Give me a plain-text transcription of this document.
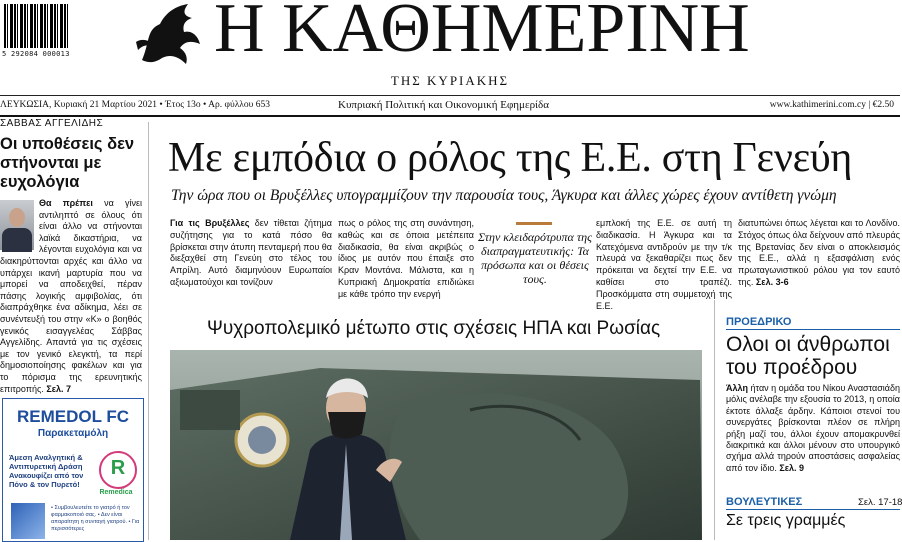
5 292084 000013 Η ΚΑΘΗΜΕΡΙΝΗ
ΤΗΣ ΚΥΡΙΑΚΗΣ
ΛΕΥΚΩΣΙΑ, Κυριακή 21 Μαρτίου 2021 • Έτος 13ο • Αρ. φύλλου 653	Κυπριακή Πολιτική και Οικονομική Εφημερίδα	www.kathimerini.com.cy | €2.50
ΣΑΒΒΑΣ ΑΓΓΕΛΙΔΗΣ
Οι υποθέσεις δεν στήνονται με ευχολόγια
Θα πρέπει να γίνει αντιληπτό σε όλους ότι είναι άλλο να στήνονται λαϊκά δικαστήρια, να λέγονται ευχολόγια και να διακηρύττονται αρχές και άλλο να υπάρχει ικανή μαρτυρία που να μπορεί να αποδειχθεί, πέραν πάσης λογικής αμφιβολίας, ότι διαπράχθηκε ένα αδίκημα, λέει σε συνέντευξή του στην «Κ» ο βοηθός γενικός εισαγγελέας Σάββας Αγγελίδης. Απαντά για τις σχέσεις με τον γενικό ελεγκτή, τα περί δημοσιοποίησης φακέλων και για το πόρισμα της ερευνητικής επιτροπής. Σελ. 7
REMEDOL FC
Παρακεταμόλη
Άμεση Αναλγητική & Αντιπυρετική Δράση Ανακουφίζει από τον Πόνο & τον Πυρετό!
R
Remedica
• Συμβουλευτείτε το γιατρό ή τον φαρμακοποιό σας. • Δεν είναι απαραίτητη η συνταγή γιατρού. • Για περισσότερες
Με εμπόδια ο ρόλος της Ε.Ε. στη Γενεύη
Την ώρα που οι Βρυξέλλες υπογραμμίζουν την παρουσία τους, Άγκυρα και άλλες χώρες έχουν αντίθετη γνώμη
Για τις Βρυξέλλες δεν τίθεται ζήτημα συζήτησης για το κατά πόσο θα βρίσκεται στην άτυπη πενταμερή που θα διεξαχθεί στη Γενεύη στο τέλος του Απρίλη. Αυτό διαμηνύουν Ευρωπαίοι αξιωματούχοι και τονίζουν
πως ο ρόλος της στη συνάντηση, καθώς και σε όποια μετέπειτα διαδικασία, θα είναι ακριβώς ο ίδιος με αυτόν που έπαιξε στο Κραν Μοντάνα. Μάλιστα, και η Κυπριακή Δημοκρατία επιδιώκει με κάθε τρόπο την ενεργή
Στην κλειδαρότρυπα της διαπραγματευτικής: Τα πρόσωπα και οι θέσεις τους.
εμπλοκή της Ε.Ε. σε αυτή τη διαδικασία. Η Άγκυρα και τα Κατεχόμενα αντιδρούν με την τ/κ πλευρά να ξεκαθαρίζει πως δεν πρόκειται να δεχτεί την Ε.Ε. να καθίσει στο τραπέζι. Προσκόμματα στη συμμετοχή της Ε.Ε.
διατυπώνει όπως λέγεται και το Λονδίνο. Στόχος όπως όλα δείχνουν από πλευράς της Βρετανίας δεν είναι ο αποκλεισμός της Ε.Ε., αλλά η εξασφάλιση ενός πρωταγωνιστικού ρόλου για τον εαυτό της. Σελ. 3-6
Ψυχροπολεμικό μέτωπο στις σχέσεις ΗΠΑ και Ρωσίας	ΠΡΟΕΔΡΙΚΟ
Ολοι οι άνθρωποι του προέδρου
Άλλη ήταν η ομάδα του Νίκου Αναστασιάδη μόλις ανέλαβε την εξουσία το 2013, η οποία έκτοτε άλλαξε άρδην. Κάποιοι στενοί του συνεργάτες βρίσκονται πλέον σε πλήρη ρήξη μαζί του, άλλοι έχουν απομακρυνθεί διακριτικά και άλλοι μένουν στο υπουργικό σχήμα αλλά τηρούν αποστάσεις ασφαλείας από τον ίδιο. Σελ. 9
ΒΟΥΛΕΥΤΙΚΕΣ	Σελ. 17-18
Σε τρεις γραμμές
